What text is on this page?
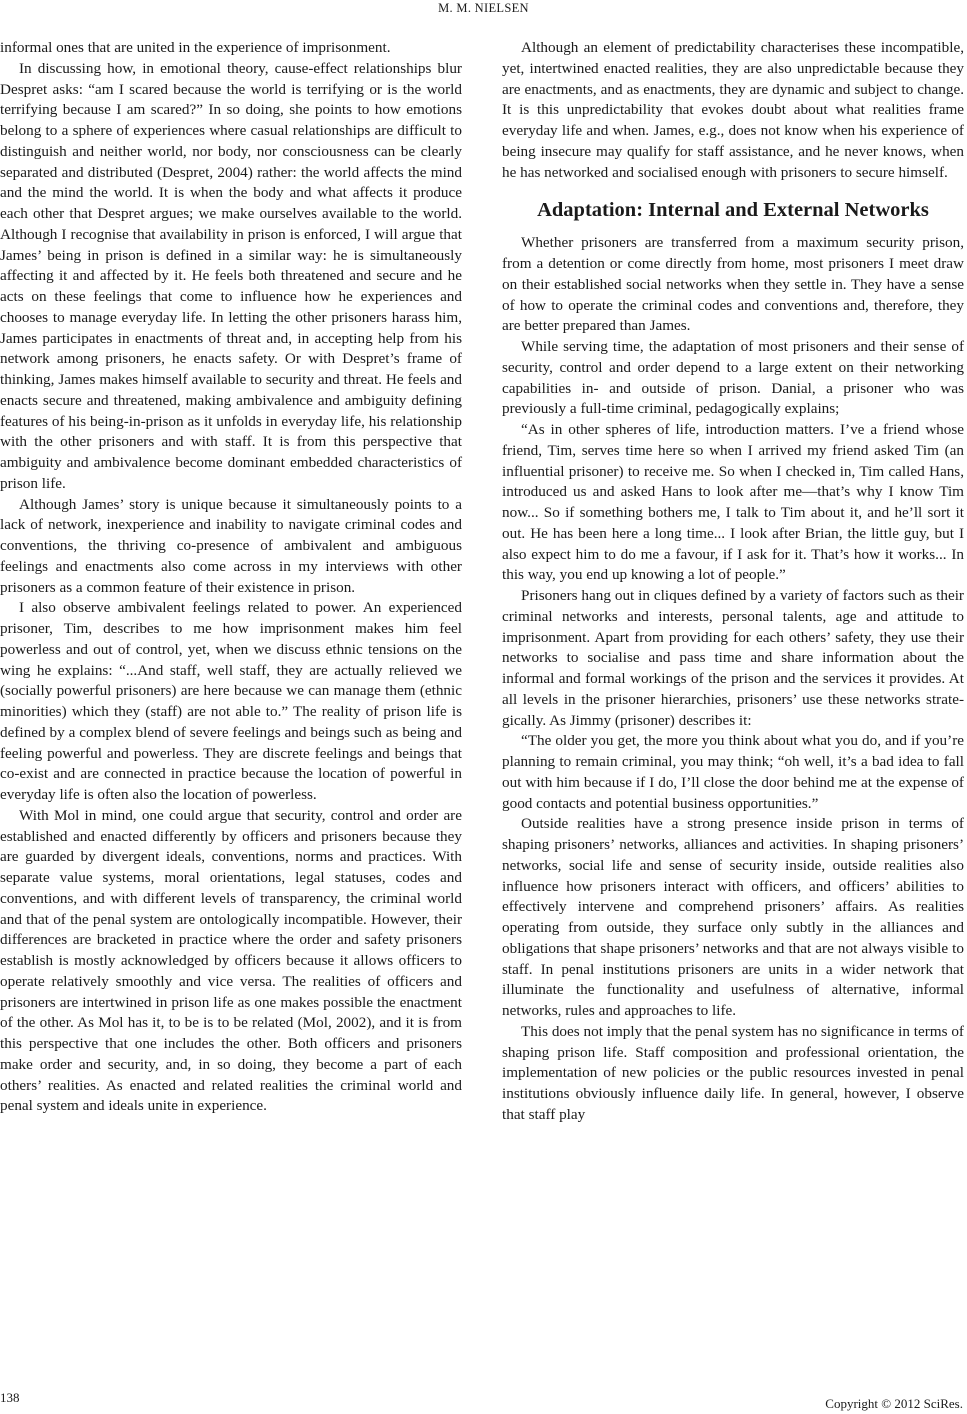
M. M. NIELSEN

informal ones that are united in the experience of imprisonment.

In discussing how, in emotional theory, cause-effect relationships blur Despret asks: “am I scared because the world is terrifying or is the world terrifying because I am scared?” In so doing, she points to how emotions belong to a sphere of experiences where casual relationships are difficult to distinguish and neither world, nor body, nor consciousness can be clearly separated and distributed (Despret, 2004) rather: the world affects the mind and the mind the world. It is when the body and what affects it produce each other that Despret argues; we make ourselves available to the world. Although I recognise that availability in prison is enforced, I will argue that James’ being in prison is defined in a similar way: he is simultaneously affecting it and affected by it. He feels both threatened and secure and he acts on these feelings that come to influence how he experiences and chooses to manage everyday life. In letting the other prisoners harass him, James participates in enactments of threat and, in accepting help from his network among prisoners, he enacts safety. Or with Despret’s frame of thinking, James makes himself available to security and threat. He feels and enacts secure and threatened, making ambivalence and ambiguity defining features of his being-in-prison as it unfolds in everyday life, his relationship with the other prisoners and with staff. It is from this perspective that ambiguity and ambivalence become dominant embedded characteristics of prison life.

Although James’ story is unique because it simultaneously points to a lack of network, inexperience and inability to navigate criminal codes and conventions, the thriving co-presence of ambivalent and ambiguous feelings and enactments also come across in my interviews with other prisoners as a common feature of their existence in prison.

I also observe ambivalent feelings related to power. An experienced prisoner, Tim, describes to me how imprisonment makes him feel powerless and out of control, yet, when we discuss ethnic tensions on the wing he explains: “...And staff, well staff, they are actually relieved we (socially powerful prisoners) are here because we can manage them (ethnic minorities) which they (staff) are not able to.” The reality of prison life is defined by a complex blend of severe feelings and beings such as being and feeling powerful and powerless. They are discrete feelings and beings that co-exist and are connected in practice because the location of powerful in everyday life is often also the location of powerless.

With Mol in mind, one could argue that security, control and order are established and enacted differently by officers and prisoners because they are guarded by divergent ideals, conventions, norms and practices. With separate value systems, moral orientations, legal statuses, codes and conventions, and with different levels of transparency, the criminal world and that of the penal system are ontologically incompatible. However, their differences are bracketed in practice where the order and safety prisoners establish is mostly acknowledged by officers because it allows officers to operate relatively smoothly and vice versa. The realities of officers and prisoners are intertwined in prison life as one makes possible the enactment of the other. As Mol has it, to be is to be related (Mol, 2002), and it is from this perspective that one includes the other. Both officers and prisoners make order and security, and, in so doing, they become a part of each others’ realities. As enacted and related realities the criminal world and penal system and ideals unite in experience.

Although an element of predictability characterises these incompatible, yet, intertwined enacted realities, they are also unpredictable because they are enactments, and as enactments, they are dynamic and subject to change. It is this unpredictability that evokes doubt about what realities frame everyday life and when. James, e.g., does not know when his experience of being insecure may qualify for staff assistance, and he never knows, when he has networked and socialised enough with prisoners to secure himself.

Adaptation: Internal and External Networks

Whether prisoners are transferred from a maximum security prison, from a detention or come directly from home, most prisoners I meet draw on their established social networks when they settle in. They have a sense of how to operate the criminal codes and conventions and, therefore, they are better prepared than James.

While serving time, the adaptation of most prisoners and their sense of security, control and order depend to a large extent on their networking capabilities in- and outside of prison. Danial, a prisoner who was previously a full-time criminal, pedagogically explains;

“As in other spheres of life, introduction matters. I’ve a friend whose friend, Tim, serves time here so when I arrived my friend asked Tim (an influential prisoner) to receive me. So when I checked in, Tim called Hans, introduced us and asked Hans to look after me—that’s why I know Tim now... So if something bothers me, I talk to Tim about it, and he’ll sort it out. He has been here a long time... I look after Brian, the little guy, but I also expect him to do me a favour, if I ask for it. That’s how it works... In this way, you end up knowing a lot of people.”

Prisoners hang out in cliques defined by a variety of factors such as their criminal networks and interests, personal talents, age and attitude to imprisonment. Apart from providing for each others’ safety, they use their networks to socialise and pass time and share information about the informal and formal workings of the prison and the services it provides. At all levels in the prisoner hierarchies, prisoners’ use these networks strategically. As Jimmy (prisoner) describes it:

“The older you get, the more you think about what you do, and if you’re planning to remain criminal, you may think; “oh well, it’s a bad idea to fall out with him because if I do, I’ll close the door behind me at the expense of good contacts and potential business opportunities.”

Outside realities have a strong presence inside prison in terms of shaping prisoners’ networks, alliances and activities. In shaping prisoners’ networks, social life and sense of security inside, outside realities also influence how prisoners interact with officers, and officers’ abilities to effectively intervene and comprehend prisoners’ affairs. As realities operating from outside, they surface only subtly in the alliances and obligations that shape prisoners’ networks and that are not always visible to staff. In penal institutions prisoners are units in a wider network that illuminate the functionality and usefulness of alternative, informal networks, rules and approaches to life.

This does not imply that the penal system has no significance in terms of shaping prison life. Staff composition and professional orientation, the implementation of new policies or the public resources invested in penal institutions obviously influence daily life. In general, however, I observe that staff play

138	Copyright © 2012 SciRes.
